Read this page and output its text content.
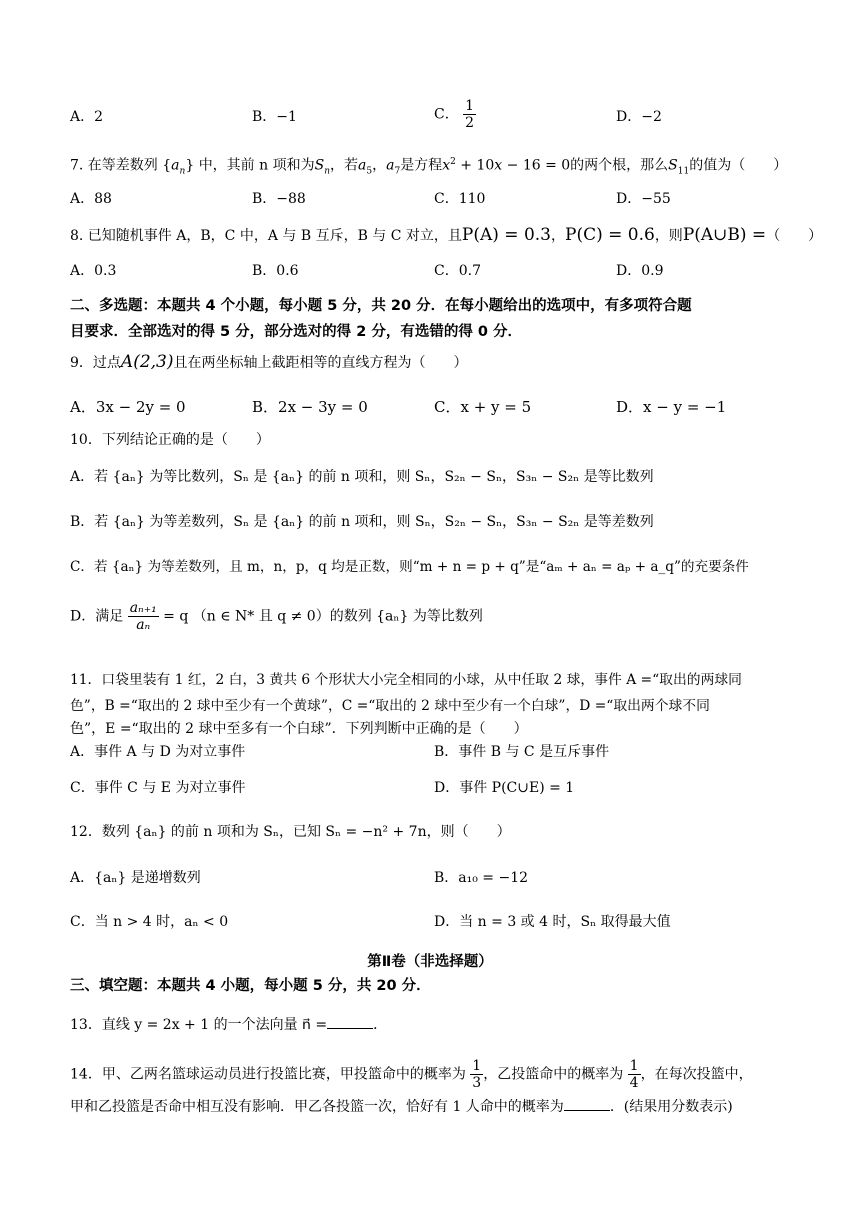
A．2	B．−1	C． $\frac{1}{2}$	D．−2
7. 在等差数列 $\{a_n\}$ 中，其前 n 项和为$S_n$，若$a_5$，$a_7$是方程$x^2 + 10x - 16 = 0$的两个根，那么$S_{11}$的值为（　　）
A．88	B．−88	C．110	D．−55
8. 已知随机事件 A，B，C 中，A 与 B 互斥，B 与 C 对立，且P(A) = 0.3，P(C) = 0.6，则P(A∪B) =（　　）
A．0.3	B．0.6	C．0.7	D．0.9
二、多选题：本题共 4 个小题，每小题 5 分，共 20 分．在每小题给出的选项中，有多项符合题
目要求．全部选对的得 5 分，部分选对的得 2 分，有选错的得 0 分．
9．过点A(2,3)且在两坐标轴上截距相等的直线方程为（　　）
A．3x − 2y = 0	B．2x − 3y = 0	C．x + y = 5	D．x − y = −1
10．下列结论正确的是（　　）
A．若 {aₙ} 为等比数列，Sₙ 是 {aₙ} 的前 n 项和，则 Sₙ，S₂ₙ − Sₙ，S₃ₙ − S₂ₙ 是等比数列
B．若 {aₙ} 为等差数列，Sₙ 是 {aₙ} 的前 n 项和，则 Sₙ，S₂ₙ − Sₙ，S₃ₙ − S₂ₙ 是等差数列
C．若 {aₙ} 为等差数列，且 m，n，p，q 均是正数，则“m + n = p + q”是“aₘ + aₙ = aₚ + a_q”的充要条件
D．满足 $\frac{\text{aₙ₊₁}}{\text{aₙ}} = q$ （n ∈ N* 且 q ≠ 0）的数列 {aₙ} 为等比数列
11．口袋里装有 1 红，2 白，3 黄共 6 个形状大小完全相同的小球，从中任取 2 球，事件 A =“取出的两球同
色”，B =“取出的 2 球中至少有一个黄球”，C =“取出的 2 球中至少有一个白球”，D =“取出两个球不同
色”，E =“取出的 2 球中至多有一个白球”．下列判断中正确的是（　　）
A．事件 A 与 D 为对立事件	B．事件 B 与 C 是互斥事件
C．事件 C 与 E 为对立事件	D．事件 P(C∪E) = 1
12．数列 {aₙ} 的前 n 项和为 Sₙ，已知 Sₙ = −n² + 7n，则（　　）
A．{aₙ} 是递增数列	B．a₁₀ = −12
C．当 n > 4 时，aₙ < 0	D．当 n = 3 或 4 时，Sₙ 取得最大值
第Ⅱ卷（非选择题）
三、填空题：本题共 4 小题，每小题 5 分，共 20 分．
13．直线 y = 2x + 1 的一个法向量 n⃗ =	．
14．甲、乙两名篮球运动员进行投篮比赛，甲投篮命中的概率为 $\frac{1}{3}$ ，乙投篮命中的概率为 $\frac{1}{4}$ ，在每次投篮中，
甲和乙投篮是否命中相互没有影响．甲乙各投篮一次，恰好有 1 人命中的概率为	．(结果用分数表示)
